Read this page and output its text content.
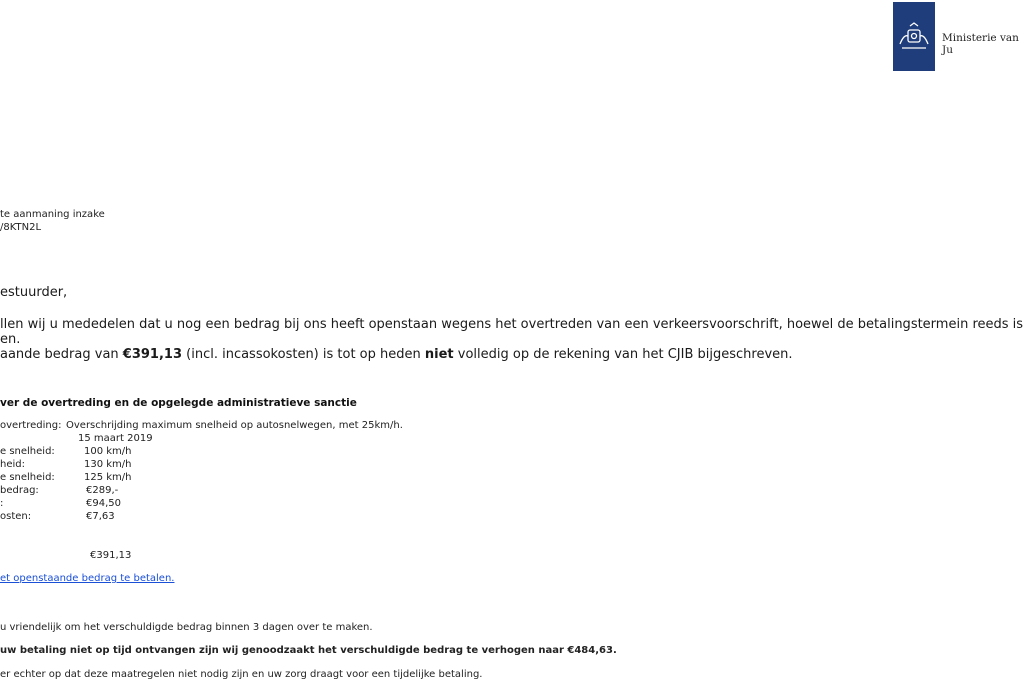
Ministerie van Ju
te aanmaning inzake
/8KTN2L
estuurder,
llen wij u mededelen dat u nog een bedrag bij ons heeft openstaan wegens het overtreden van een verkeersvoorschrift, hoewel de betalingstermein reeds is
en.
aande bedrag van €391,13 (incl. incassokosten) is tot op heden niet volledig op de rekening van het CJIB bijgeschreven.
ver de overtreding en de opgelegde administratieve sanctie
overtreding: Overschrijding maximum snelheid op autosnelwegen, met 25km/h.
15 maart 2019
e snelheid:	100 km/h
heid:	130 km/h
e snelheid:	125 km/h
bedrag:	€289,-
:	€94,50
osten:	€7,63
€391,13
et openstaande bedrag te betalen.
u vriendelijk om het verschuldigde bedrag binnen 3 dagen over te maken.
uw betaling niet op tijd ontvangen zijn wij genoodzaakt het verschuldigde bedrag te verhogen naar €484,63.
er echter op dat deze maatregelen niet nodig zijn en uw zorg draagt voor een tijdelijke betaling.
